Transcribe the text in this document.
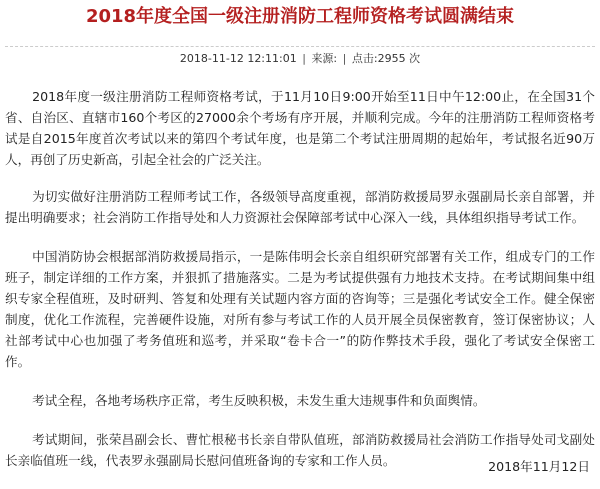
2018年度全国一级注册消防工程师资格考试圆满结束
2018-11-12 12:11:01 | 来源: | 点击:2955 次

2018年度一级注册消防工程师资格考试，于11月10日9:00开始至11日中午12:00止，在全国31个省、自治区、直辖市160个考区的27000余个考场有序开展，并顺利完成。今年的注册消防工程师资格考试是自2015年度首次考试以来的第四个考试年度，也是第二个考试注册周期的起始年，考试报名近90万人，再创了历史新高，引起全社会的广泛关注。

为切实做好注册消防工程师考试工作，各级领导高度重视，部消防救援局罗永强副局长亲自部署，并提出明确要求；社会消防工作指导处和人力资源社会保障部考试中心深入一线，具体组织指导考试工作。

中国消防协会根据部消防救援局指示，一是陈伟明会长亲自组织研究部署有关工作，组成专门的工作班子，制定详细的工作方案，并狠抓了措施落实。二是为考试提供强有力地技术支持。在考试期间集中组织专家全程值班，及时研判、答复和处理有关试题内容方面的咨询等；三是强化考试安全工作。健全保密制度，优化工作流程，完善硬件设施，对所有参与考试工作的人员开展全员保密教育，签订保密协议；人社部考试中心也加强了考务值班和巡考，并采取“卷卡合一”的防作弊技术手段，强化了考试安全保密工作。

考试全程，各地考场秩序正常，考生反映积极，未发生重大违规事件和负面舆情。

考试期间，张荣昌副会长、曹忙根秘书长亲自带队值班，部消防救援局社会消防工作指导处司戈副处长亲临值班一线，代表罗永强副局长慰问值班备询的专家和工作人员。	2018年11月12日
